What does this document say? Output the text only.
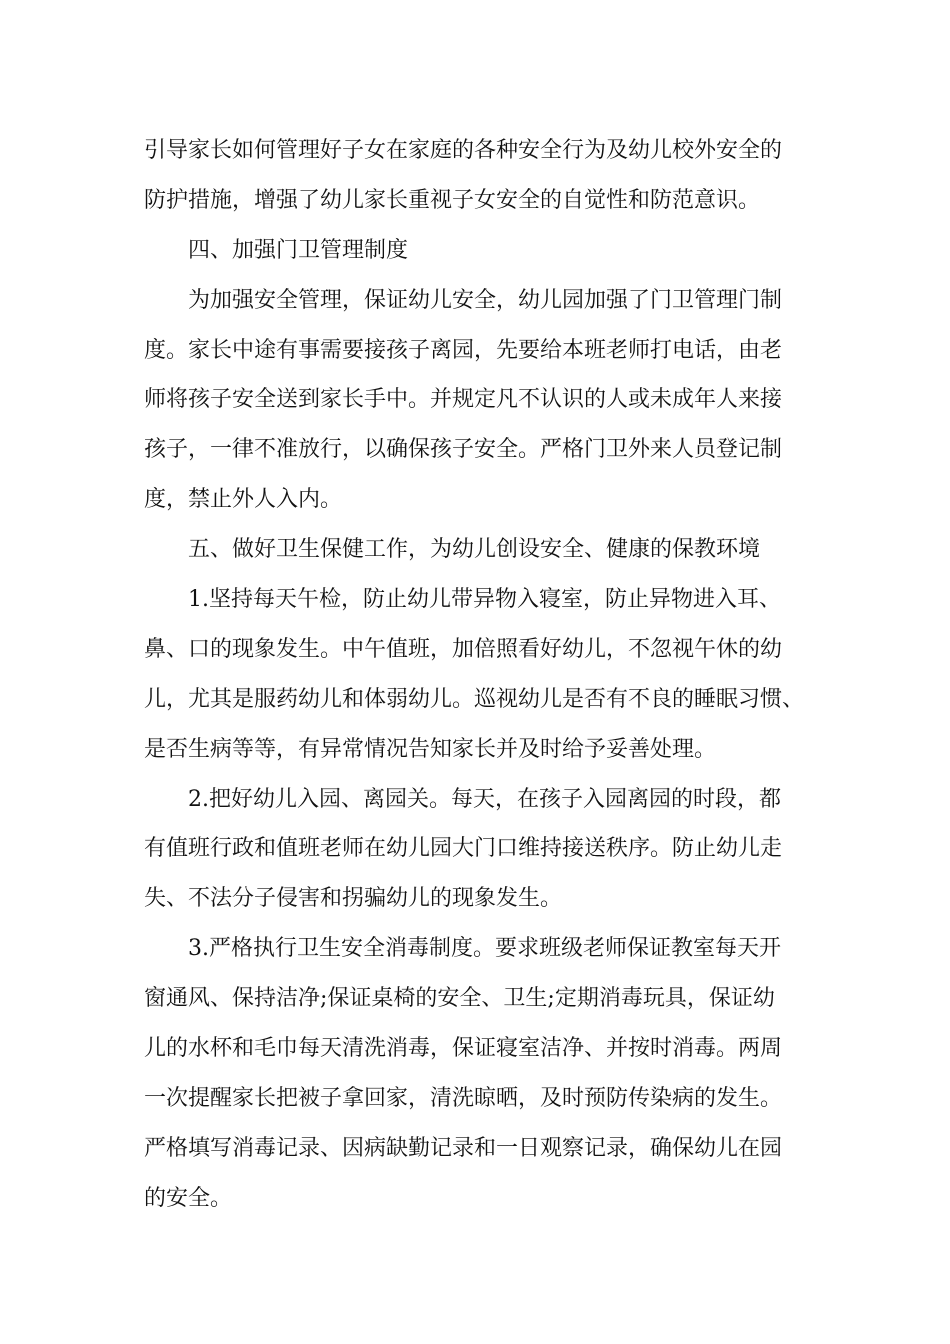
引导家长如何管理好子女在家庭的各种安全行为及幼儿校外安全的
防护措施，增强了幼儿家长重视子女安全的自觉性和防范意识。
四、加强门卫管理制度
为加强安全管理，保证幼儿安全，幼儿园加强了门卫管理门制
度。家长中途有事需要接孩子离园，先要给本班老师打电话，由老
师将孩子安全送到家长手中。并规定凡不认识的人或未成年人来接
孩子，一律不准放行，以确保孩子安全。严格门卫外来人员登记制
度，禁止外人入内。
五、做好卫生保健工作，为幼儿创设安全、健康的保教环境
1.坚持每天午检，防止幼儿带异物入寝室，防止异物进入耳、
鼻、口的现象发生。中午值班，加倍照看好幼儿，不忽视午休的幼
儿，尤其是服药幼儿和体弱幼儿。巡视幼儿是否有不良的睡眠习惯、
是否生病等等，有异常情况告知家长并及时给予妥善处理。
2.把好幼儿入园、离园关。每天，在孩子入园离园的时段，都
有值班行政和值班老师在幼儿园大门口维持接送秩序。防止幼儿走
失、不法分子侵害和拐骗幼儿的现象发生。
3.严格执行卫生安全消毒制度。要求班级老师保证教室每天开
窗通风、保持洁净;保证桌椅的安全、卫生;定期消毒玩具，保证幼
儿的水杯和毛巾每天清洗消毒，保证寝室洁净、并按时消毒。两周
一次提醒家长把被子拿回家，清洗晾晒，及时预防传染病的发生。
严格填写消毒记录、因病缺勤记录和一日观察记录，确保幼儿在园
的安全。
